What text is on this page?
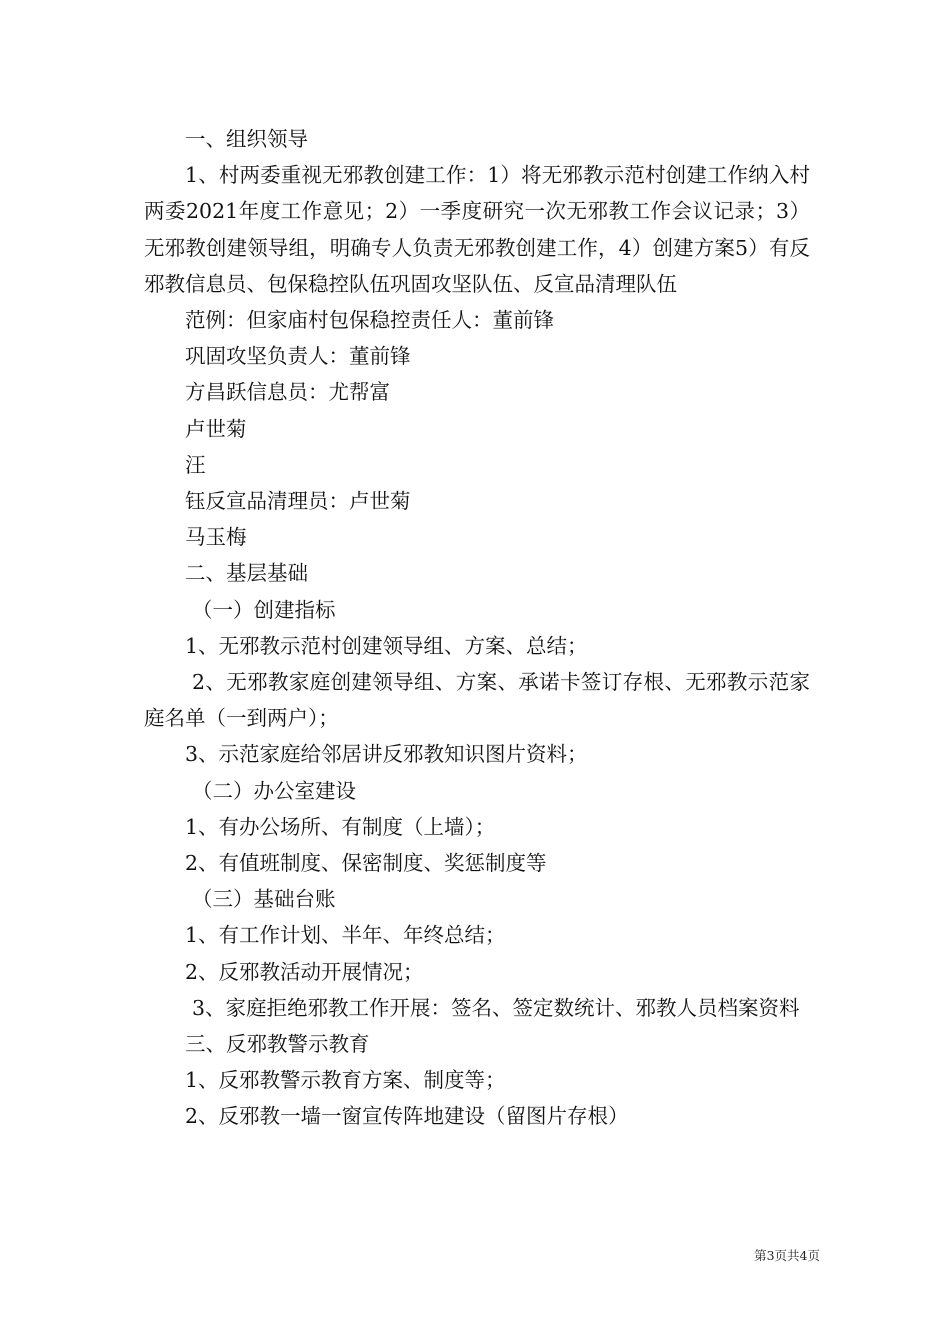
一、组织领导

1、村两委重视无邪教创建工作：1）将无邪教示范村创建工作纳入村两委2021年度工作意见；2）一季度研究一次无邪教工作会议记录；3）无邪教创建领导组，明确专人负责无邪教创建工作，4）创建方案5）有反邪教信息员、包保稳控队伍巩固攻坚队伍、反宣品清理队伍

范例：但家庙村包保稳控责任人：董前锋

巩固攻坚负责人：董前锋

方昌跃信息员：尤帮富

卢世菊

汪

钰反宣品清理员：卢世菊

马玉梅

二、基层基础

（一）创建指标

1、无邪教示范村创建领导组、方案、总结；

2、无邪教家庭创建领导组、方案、承诺卡签订存根、无邪教示范家庭名单（一到两户）；

3、示范家庭给邻居讲反邪教知识图片资料；

（二）办公室建设

1、有办公场所、有制度（上墙）；

2、有值班制度、保密制度、奖惩制度等

（三）基础台账

1、有工作计划、半年、年终总结；

2、反邪教活动开展情况；

3、家庭拒绝邪教工作开展：签名、签定数统计、邪教人员档案资料

三、反邪教警示教育

1、反邪教警示教育方案、制度等；

2、反邪教一墙一窗宣传阵地建设（留图片存根）

第3页共4页
